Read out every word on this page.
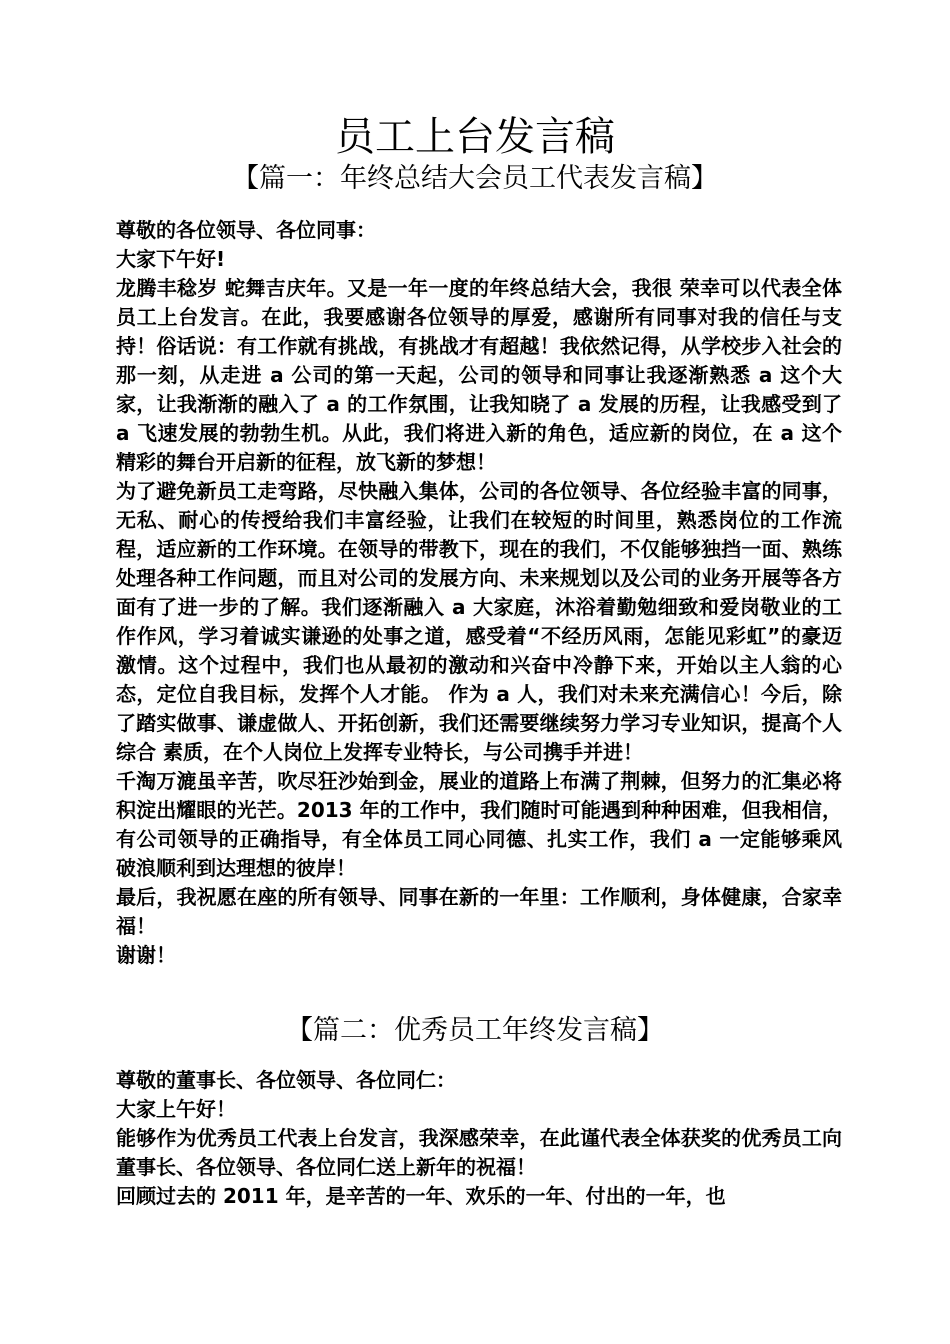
员工上台发言稿
【篇一：年终总结大会员工代表发言稿】

尊敬的各位领导、各位同事：

大家下午好!

龙腾丰稔岁 蛇舞吉庆年。又是一年一度的年终总结大会，我很 荣幸可以代表全体员工上台发言。在此，我要感谢各位领导的厚爱，感谢所有同事对我的信任与支持！俗话说：有工作就有挑战，有挑战才有超越！我依然记得，从学校步入社会的那一刻，从走进 a 公司的第一天起，公司的领导和同事让我逐渐熟悉 a 这个大家，让我渐渐的融入了 a 的工作氛围，让我知晓了 a 发展的历程，让我感受到了 a 飞速发展的勃勃生机。从此，我们将进入新的角色，适应新的岗位，在 a 这个精彩的舞台开启新的征程，放飞新的梦想！

为了避免新员工走弯路，尽快融入集体，公司的各位领导、各位经验丰富的同事，无私、耐心的传授给我们丰富经验，让我们在较短的时间里，熟悉岗位的工作流程，适应新的工作环境。在领导的带教下，现在的我们，不仅能够独挡一面、熟练处理各种工作问题，而且对公司的发展方向、未来规划以及公司的业务开展等各方面有了进一步的了解。我们逐渐融入 a 大家庭，沐浴着勤勉细致和爱岗敬业的工作作风，学习着诚实谦逊的处事之道，感受着“不经历风雨，怎能见彩虹”的豪迈激情。这个过程中，我们也从最初的激动和兴奋中冷静下来，开始以主人翁的心态，定位自我目标，发挥个人才能。 作为 a 人，我们对未来充满信心！今后，除了踏实做事、谦虚做人、开拓创新，我们还需要继续努力学习专业知识，提高个人综合 素质，在个人岗位上发挥专业特长，与公司携手并进！

千淘万漉虽辛苦，吹尽狂沙始到金，展业的道路上布满了荆棘，但努力的汇集必将积淀出耀眼的光芒。2013 年的工作中，我们随时可能遇到种种困难，但我相信，有公司领导的正确指导，有全体员工同心同德、扎实工作，我们 a 一定能够乘风破浪顺利到达理想的彼岸！

最后，我祝愿在座的所有领导、同事在新的一年里：工作顺利，身体健康，合家幸福！

谢谢！

【篇二：优秀员工年终发言稿】

尊敬的董事长、各位领导、各位同仁：

大家上午好！

能够作为优秀员工代表上台发言，我深感荣幸，在此谨代表全体获奖的优秀员工向董事长、各位领导、各位同仁送上新年的祝福！

回顾过去的 2011 年，是辛苦的一年、欢乐的一年、付出的一年，也
